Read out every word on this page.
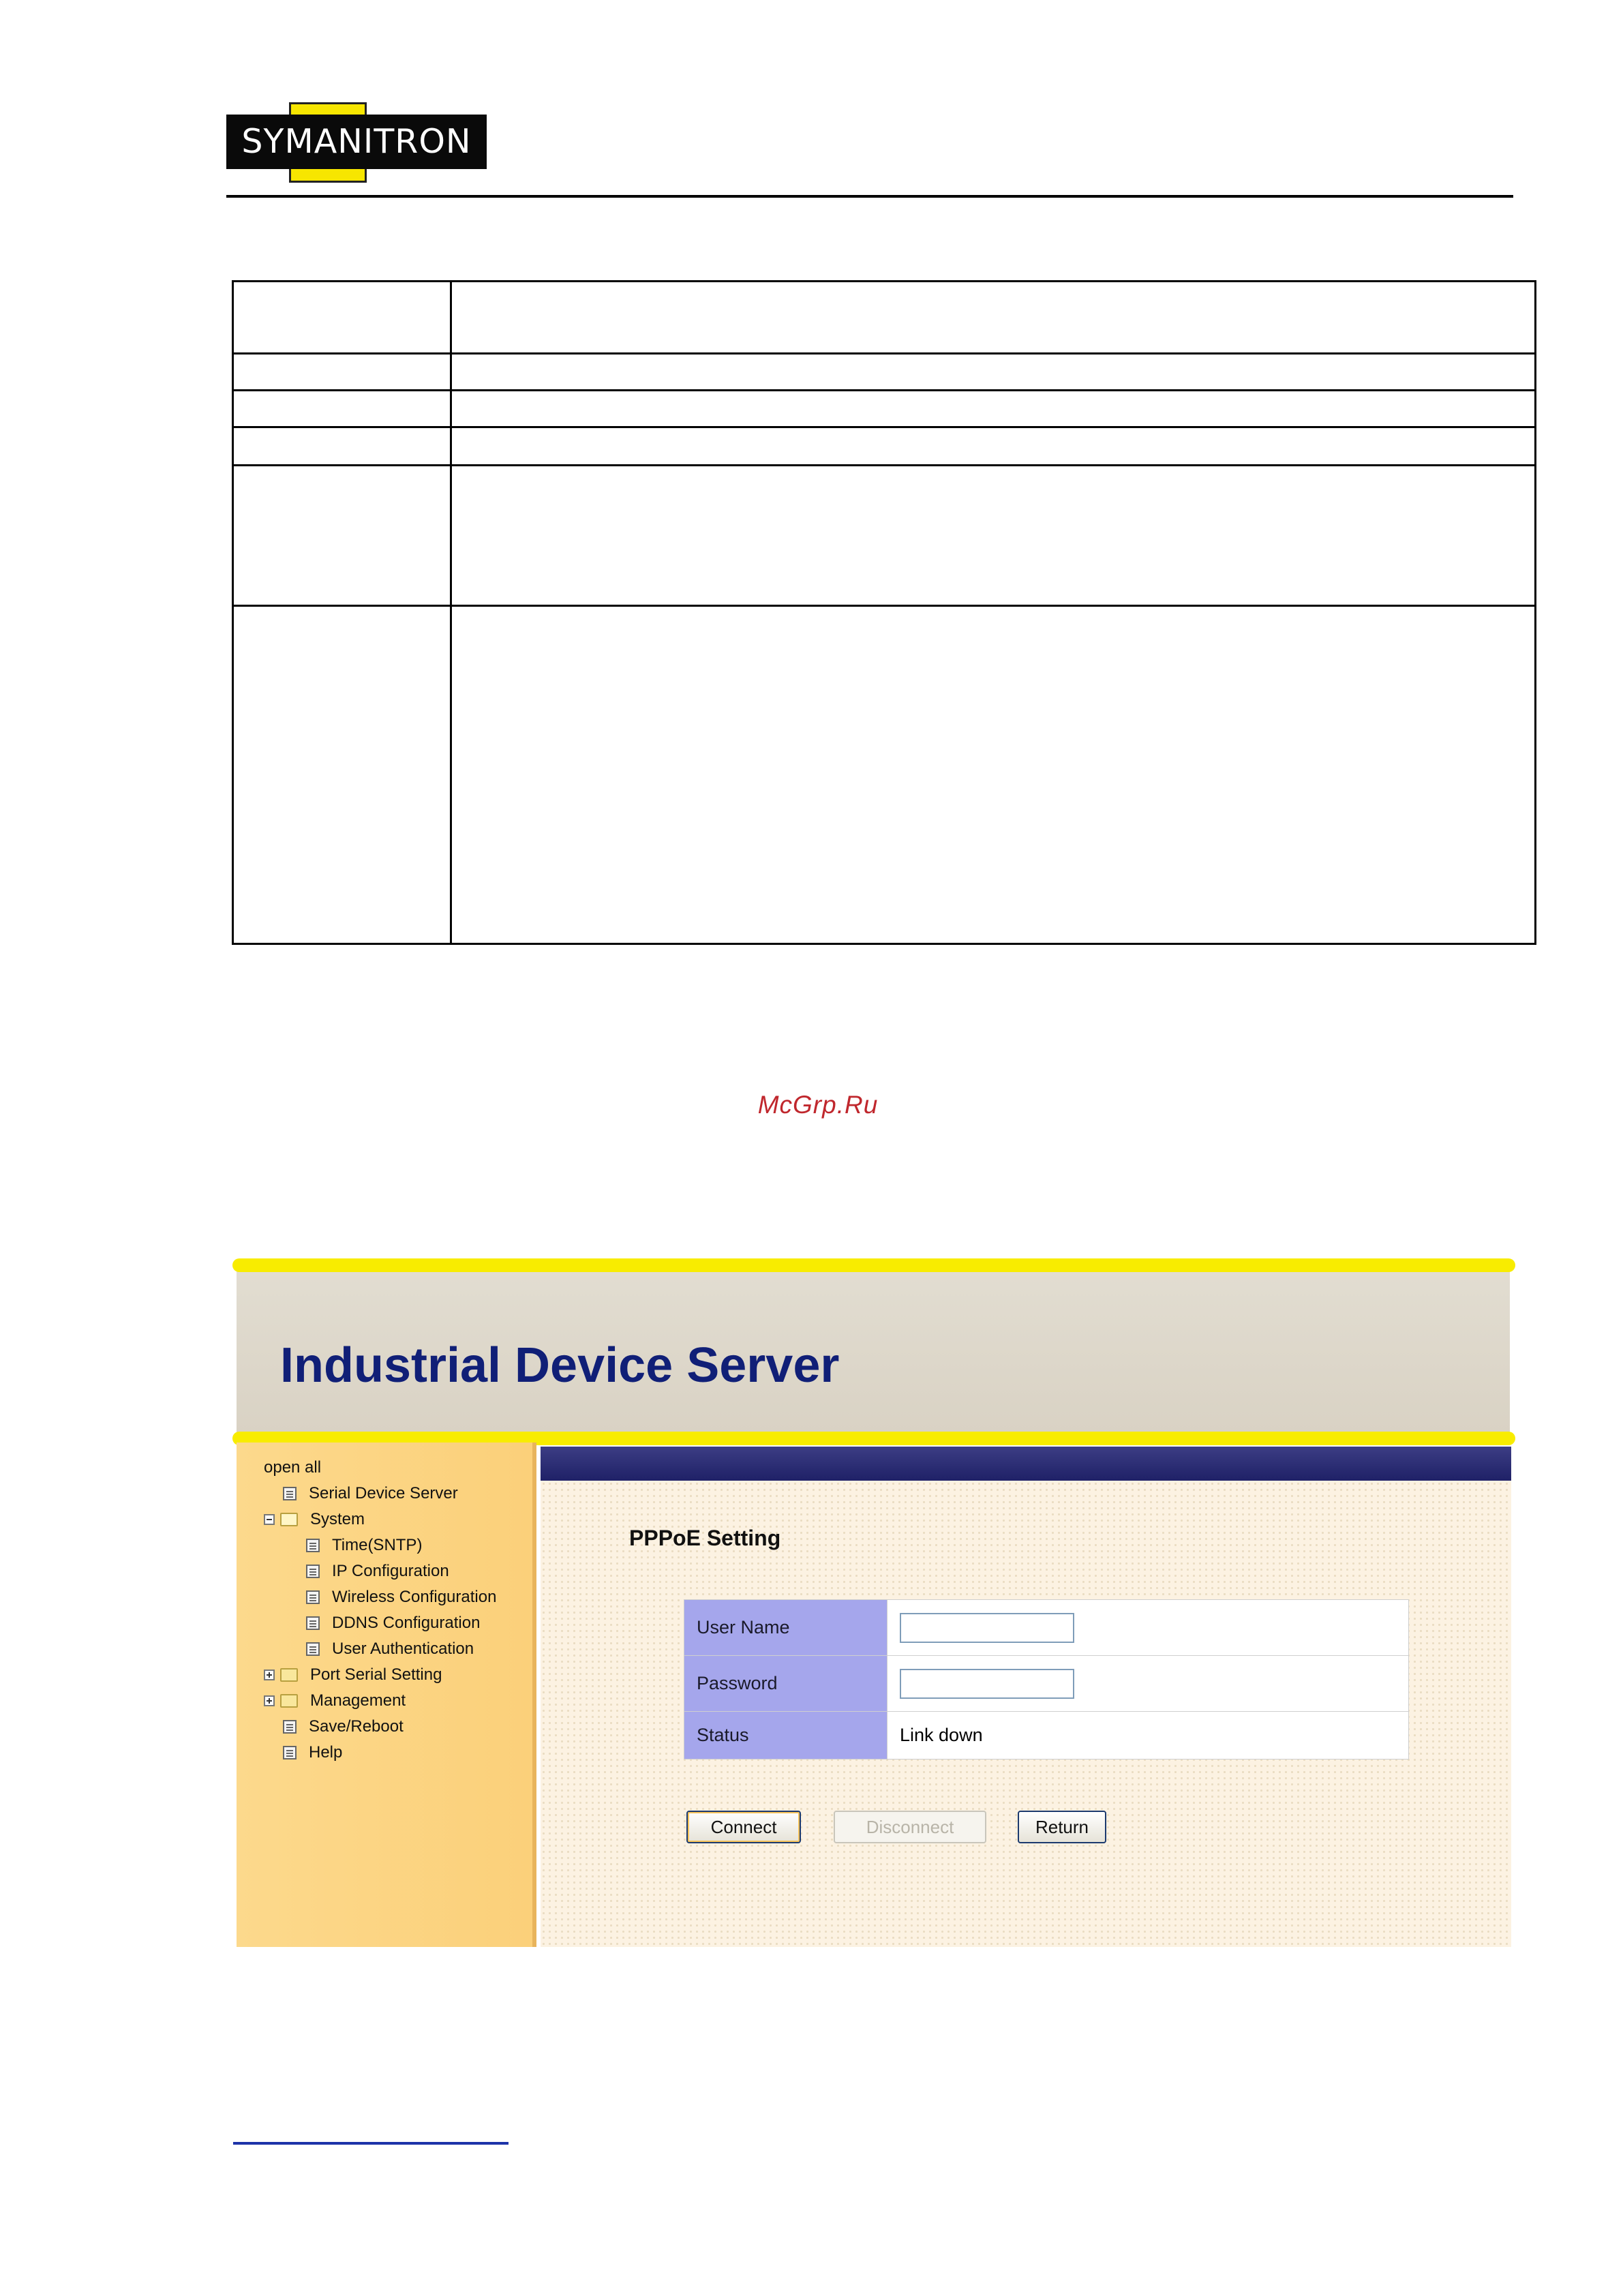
SYMANITRON

McGrp.Ru
Industrial Device Server
open all
Serial Device Server
System
Time(SNTP)
IP Configuration
Wireless Configuration
DDNS Configuration
User Authentication
Port Serial Setting
Management
Save/Reboot
Help
PPPoE Setting
User Name	
Password	
Status	Link down
Connect	Disconnect	Return
